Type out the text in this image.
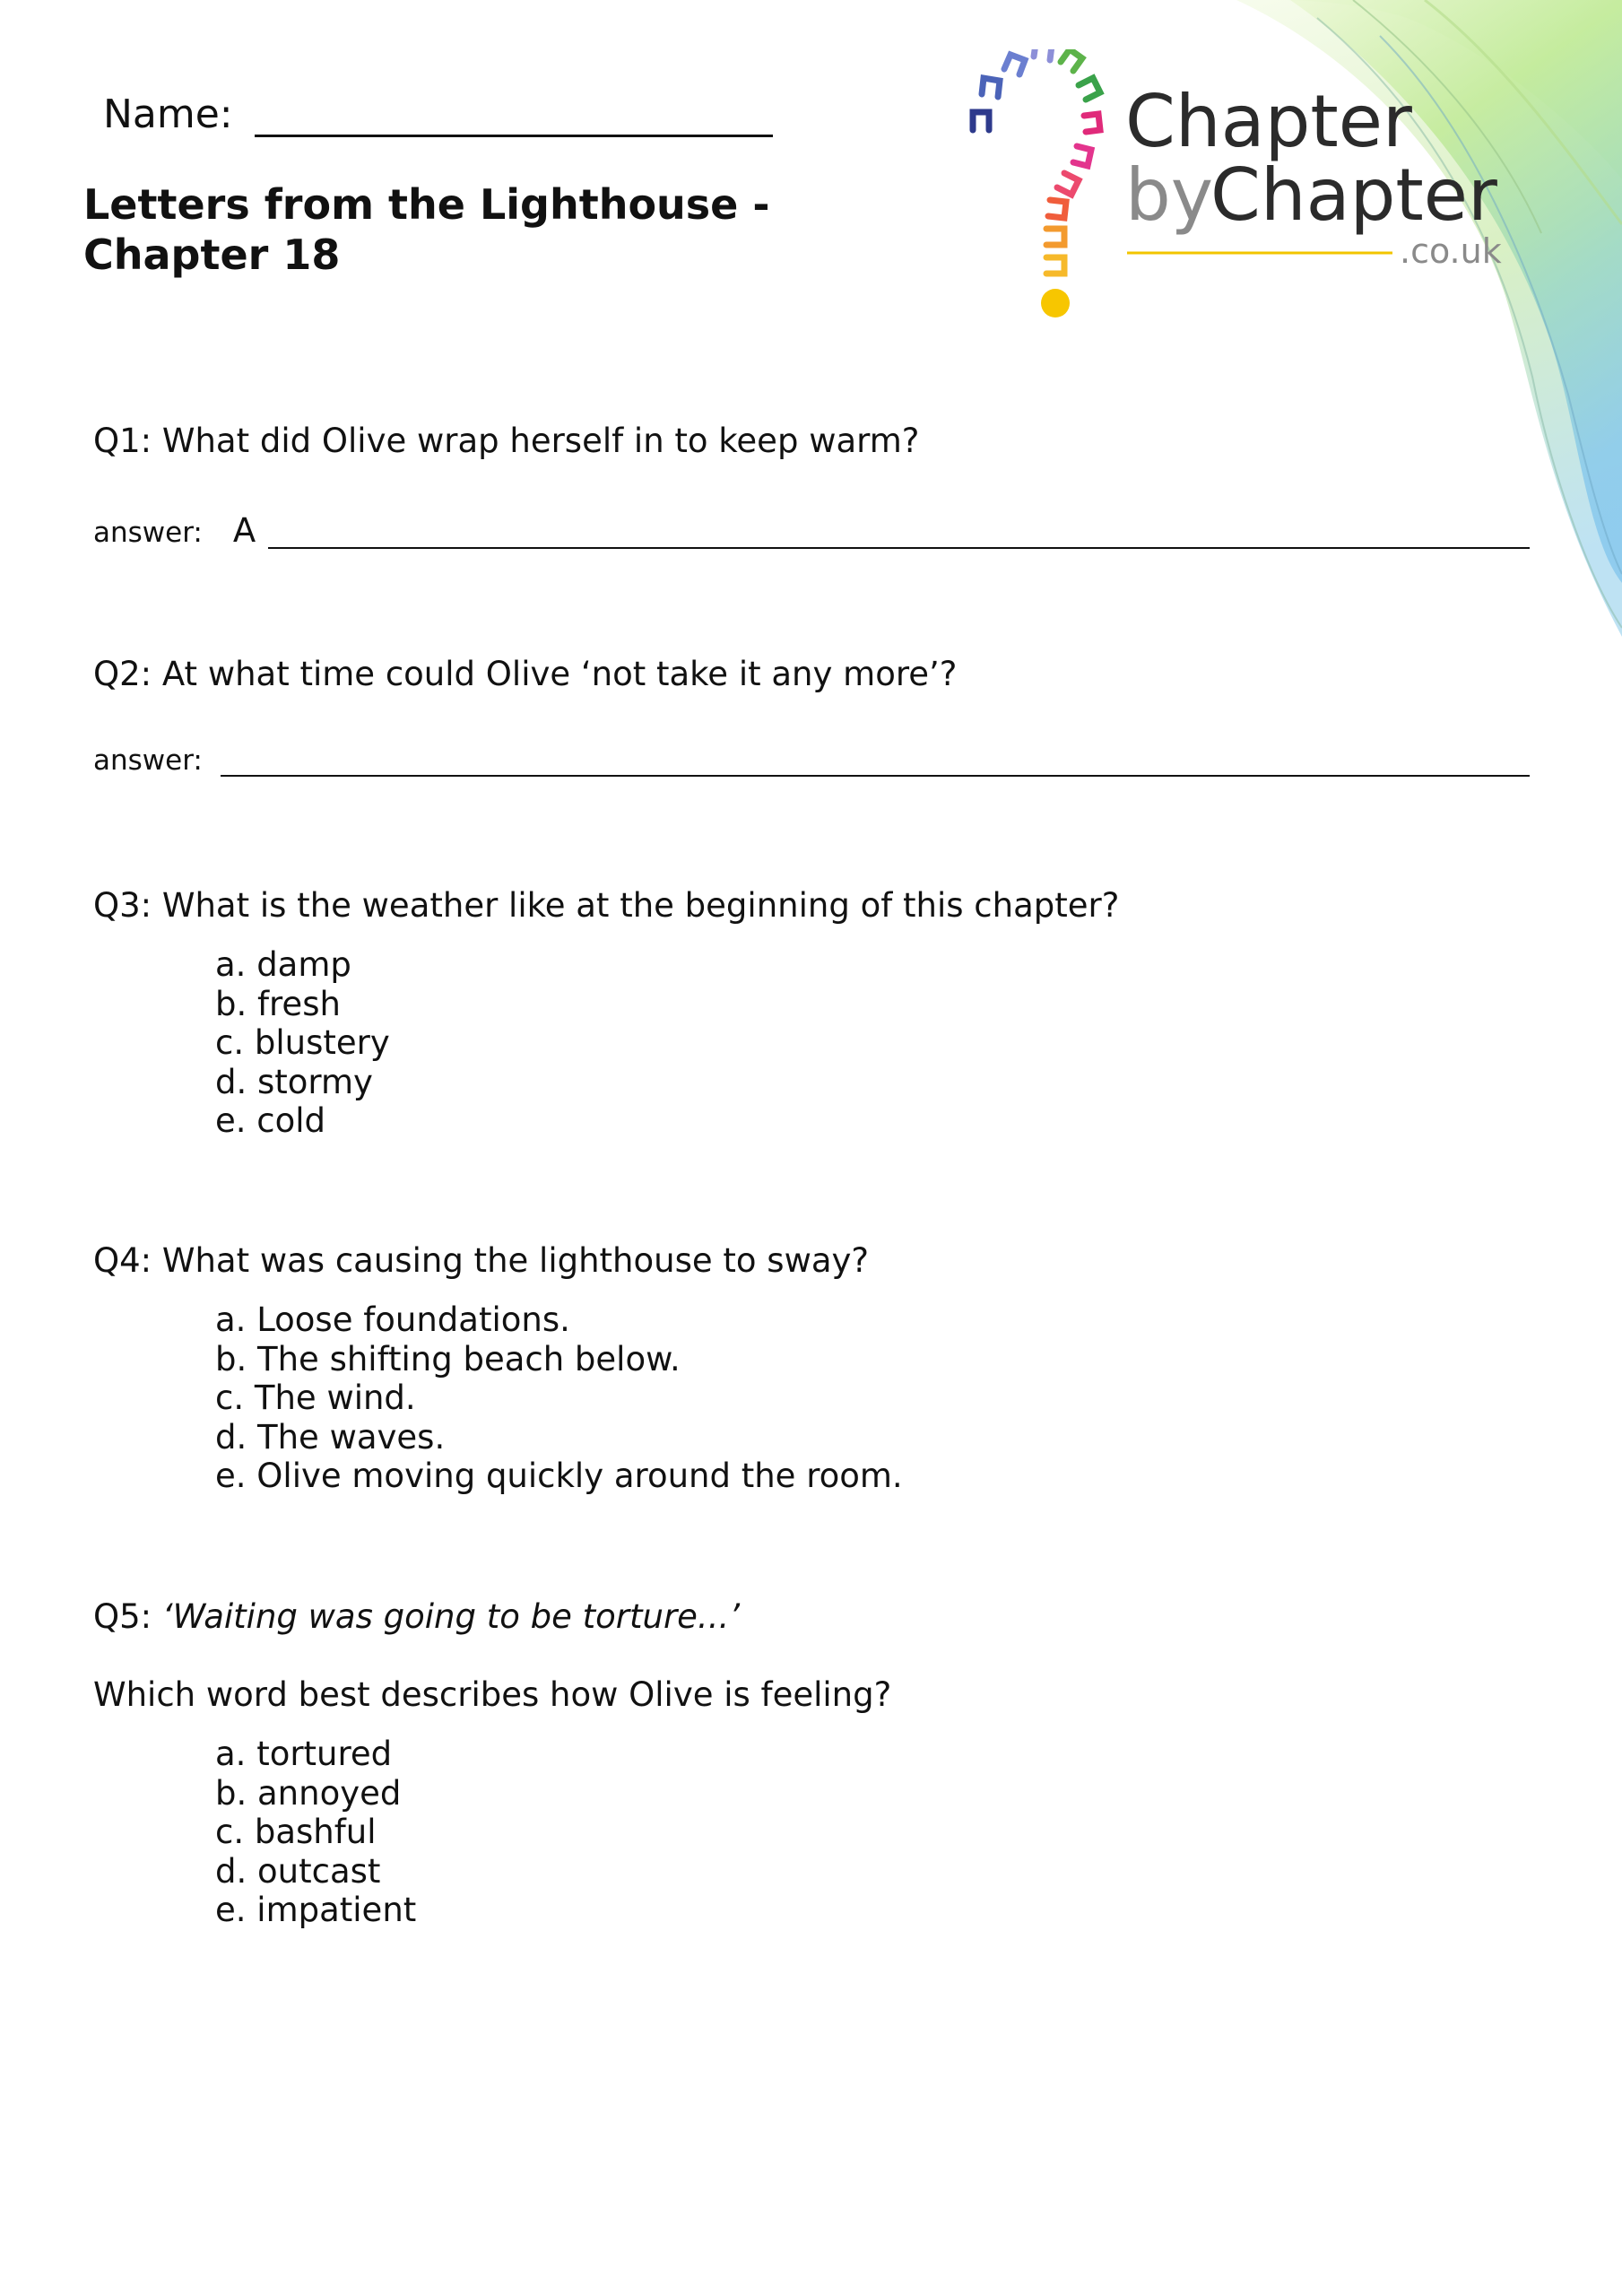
Chapter
by
Chapter
.co.uk
Name:
Letters from the Lighthouse -
Chapter 18
Q1: What did Olive wrap herself in to keep warm?
answer: A
Q2: At what time could Olive ‘not take it any more’?
answer:
Q3: What is the weather like at the beginning of this chapter?
a. damp
b. fresh
c. blustery
d. stormy
e. cold
Q4: What was causing the lighthouse to sway?
a. Loose foundations.
b. The shifting beach below.
c. The wind.
d. The waves.
e. Olive moving quickly around the room.
Q5: ‘Waiting was going to be torture...’
Which word best describes how Olive is feeling?
a. tortured
b. annoyed
c. bashful
d. outcast
e. impatient
